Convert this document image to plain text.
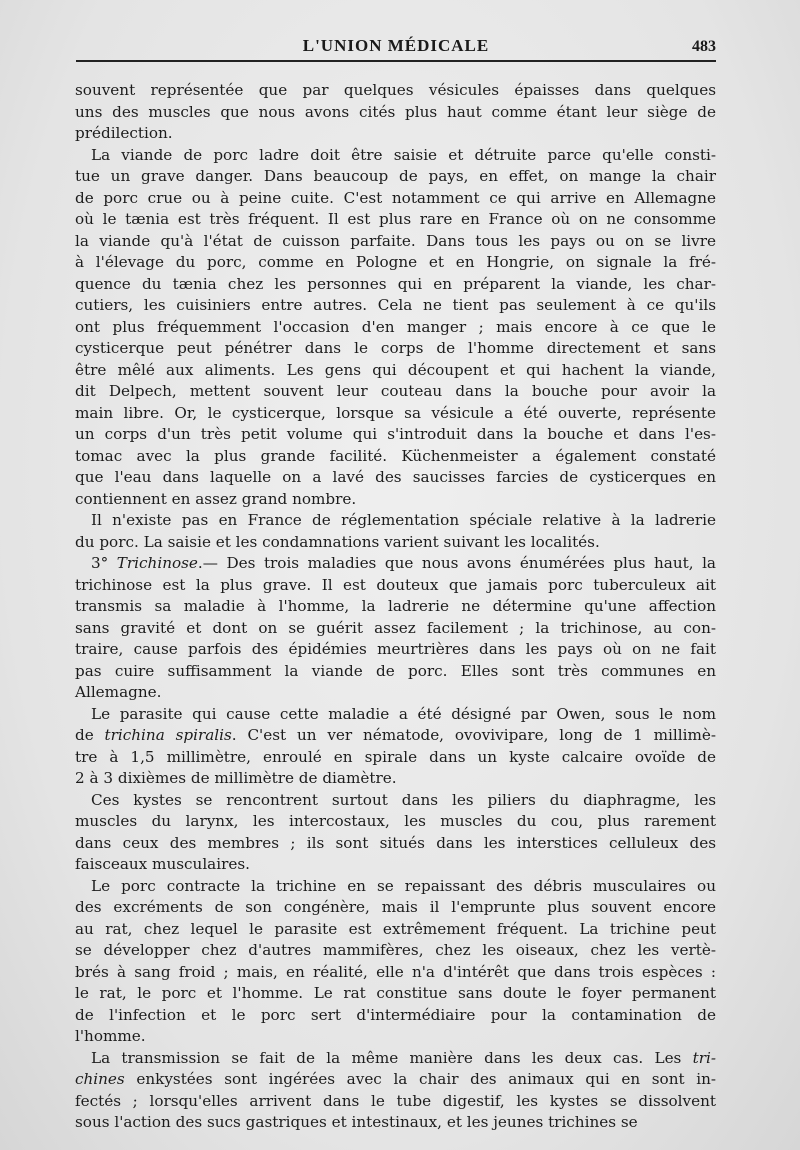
L'UNION MÉDICALE	483
souvent représentée que par quelques vésicules épaisses dans quelques
uns des muscles que nous avons cités plus haut comme étant leur siège de
prédilection.
La viande de porc ladre doit être saisie et détruite parce qu'elle consti-
tue un grave danger. Dans beaucoup de pays, en effet, on mange la chair
de porc crue ou à peine cuite. C'est notamment ce qui arrive en Allemagne
où le tænia est très fréquent. Il est plus rare en France où on ne consomme
la viande qu'à l'état de cuisson parfaite. Dans tous les pays ou on se livre
à l'élevage du porc, comme en Pologne et en Hongrie, on signale la fré-
quence du tænia chez les personnes qui en préparent la viande, les char-
cutiers, les cuisiniers entre autres. Cela ne tient pas seulement à ce qu'ils
ont plus fréquemment l'occasion d'en manger ; mais encore à ce que le
cysticerque peut pénétrer dans le corps de l'homme directement et sans
être mêlé aux aliments. Les gens qui découpent et qui hachent la viande,
dit Delpech, mettent souvent leur couteau dans la bouche pour avoir la
main libre. Or, le cysticerque, lorsque sa vésicule a été ouverte, représente
un corps d'un très petit volume qui s'introduit dans la bouche et dans l'es-
tomac avec la plus grande facilité. Küchenmeister a également constaté
que l'eau dans laquelle on a lavé des saucisses farcies de cysticerques en
contiennent en assez grand nombre.
Il n'existe pas en France de réglementation spéciale relative à la ladrerie
du porc. La saisie et les condamnations varient suivant les localités.
3° Trichinose.— Des trois maladies que nous avons énumérées plus haut, la
trichinose est la plus grave. Il est douteux que jamais porc tuberculeux ait
transmis sa maladie à l'homme, la ladrerie ne détermine qu'une affection
sans gravité et dont on se guérit assez facilement ; la trichinose, au con-
traire, cause parfois des épidémies meurtrières dans les pays où on ne fait
pas cuire suffisamment la viande de porc. Elles sont très communes en
Allemagne.
Le parasite qui cause cette maladie a été désigné par Owen, sous le nom
de trichina spiralis. C'est un ver nématode, ovovivipare, long de 1 millimè-
tre à 1,5 millimètre, enroulé en spirale dans un kyste calcaire ovoïde de
2 à 3 dixièmes de millimètre de diamètre.
Ces kystes se rencontrent surtout dans les piliers du diaphragme, les
muscles du larynx, les intercostaux, les muscles du cou, plus rarement
dans ceux des membres ; ils sont situés dans les interstices celluleux des
faisceaux musculaires.
Le porc contracte la trichine en se repaissant des débris musculaires ou
des excréments de son congénère, mais il l'emprunte plus souvent encore
au rat, chez lequel le parasite est extrêmement fréquent. La trichine peut
se développer chez d'autres mammifères, chez les oiseaux, chez les vertè-
brés à sang froid ; mais, en réalité, elle n'a d'intérêt que dans trois espèces :
le rat, le porc et l'homme. Le rat constitue sans doute le foyer permanent
de l'infection et le porc sert d'intermédiaire pour la contamination de
l'homme.
La transmission se fait de la même manière dans les deux cas. Les tri-
chines enkystées sont ingérées avec la chair des animaux qui en sont in-
fectés ; lorsqu'elles arrivent dans le tube digestif, les kystes se dissolvent
sous l'action des sucs gastriques et intestinaux, et les jeunes trichines se
